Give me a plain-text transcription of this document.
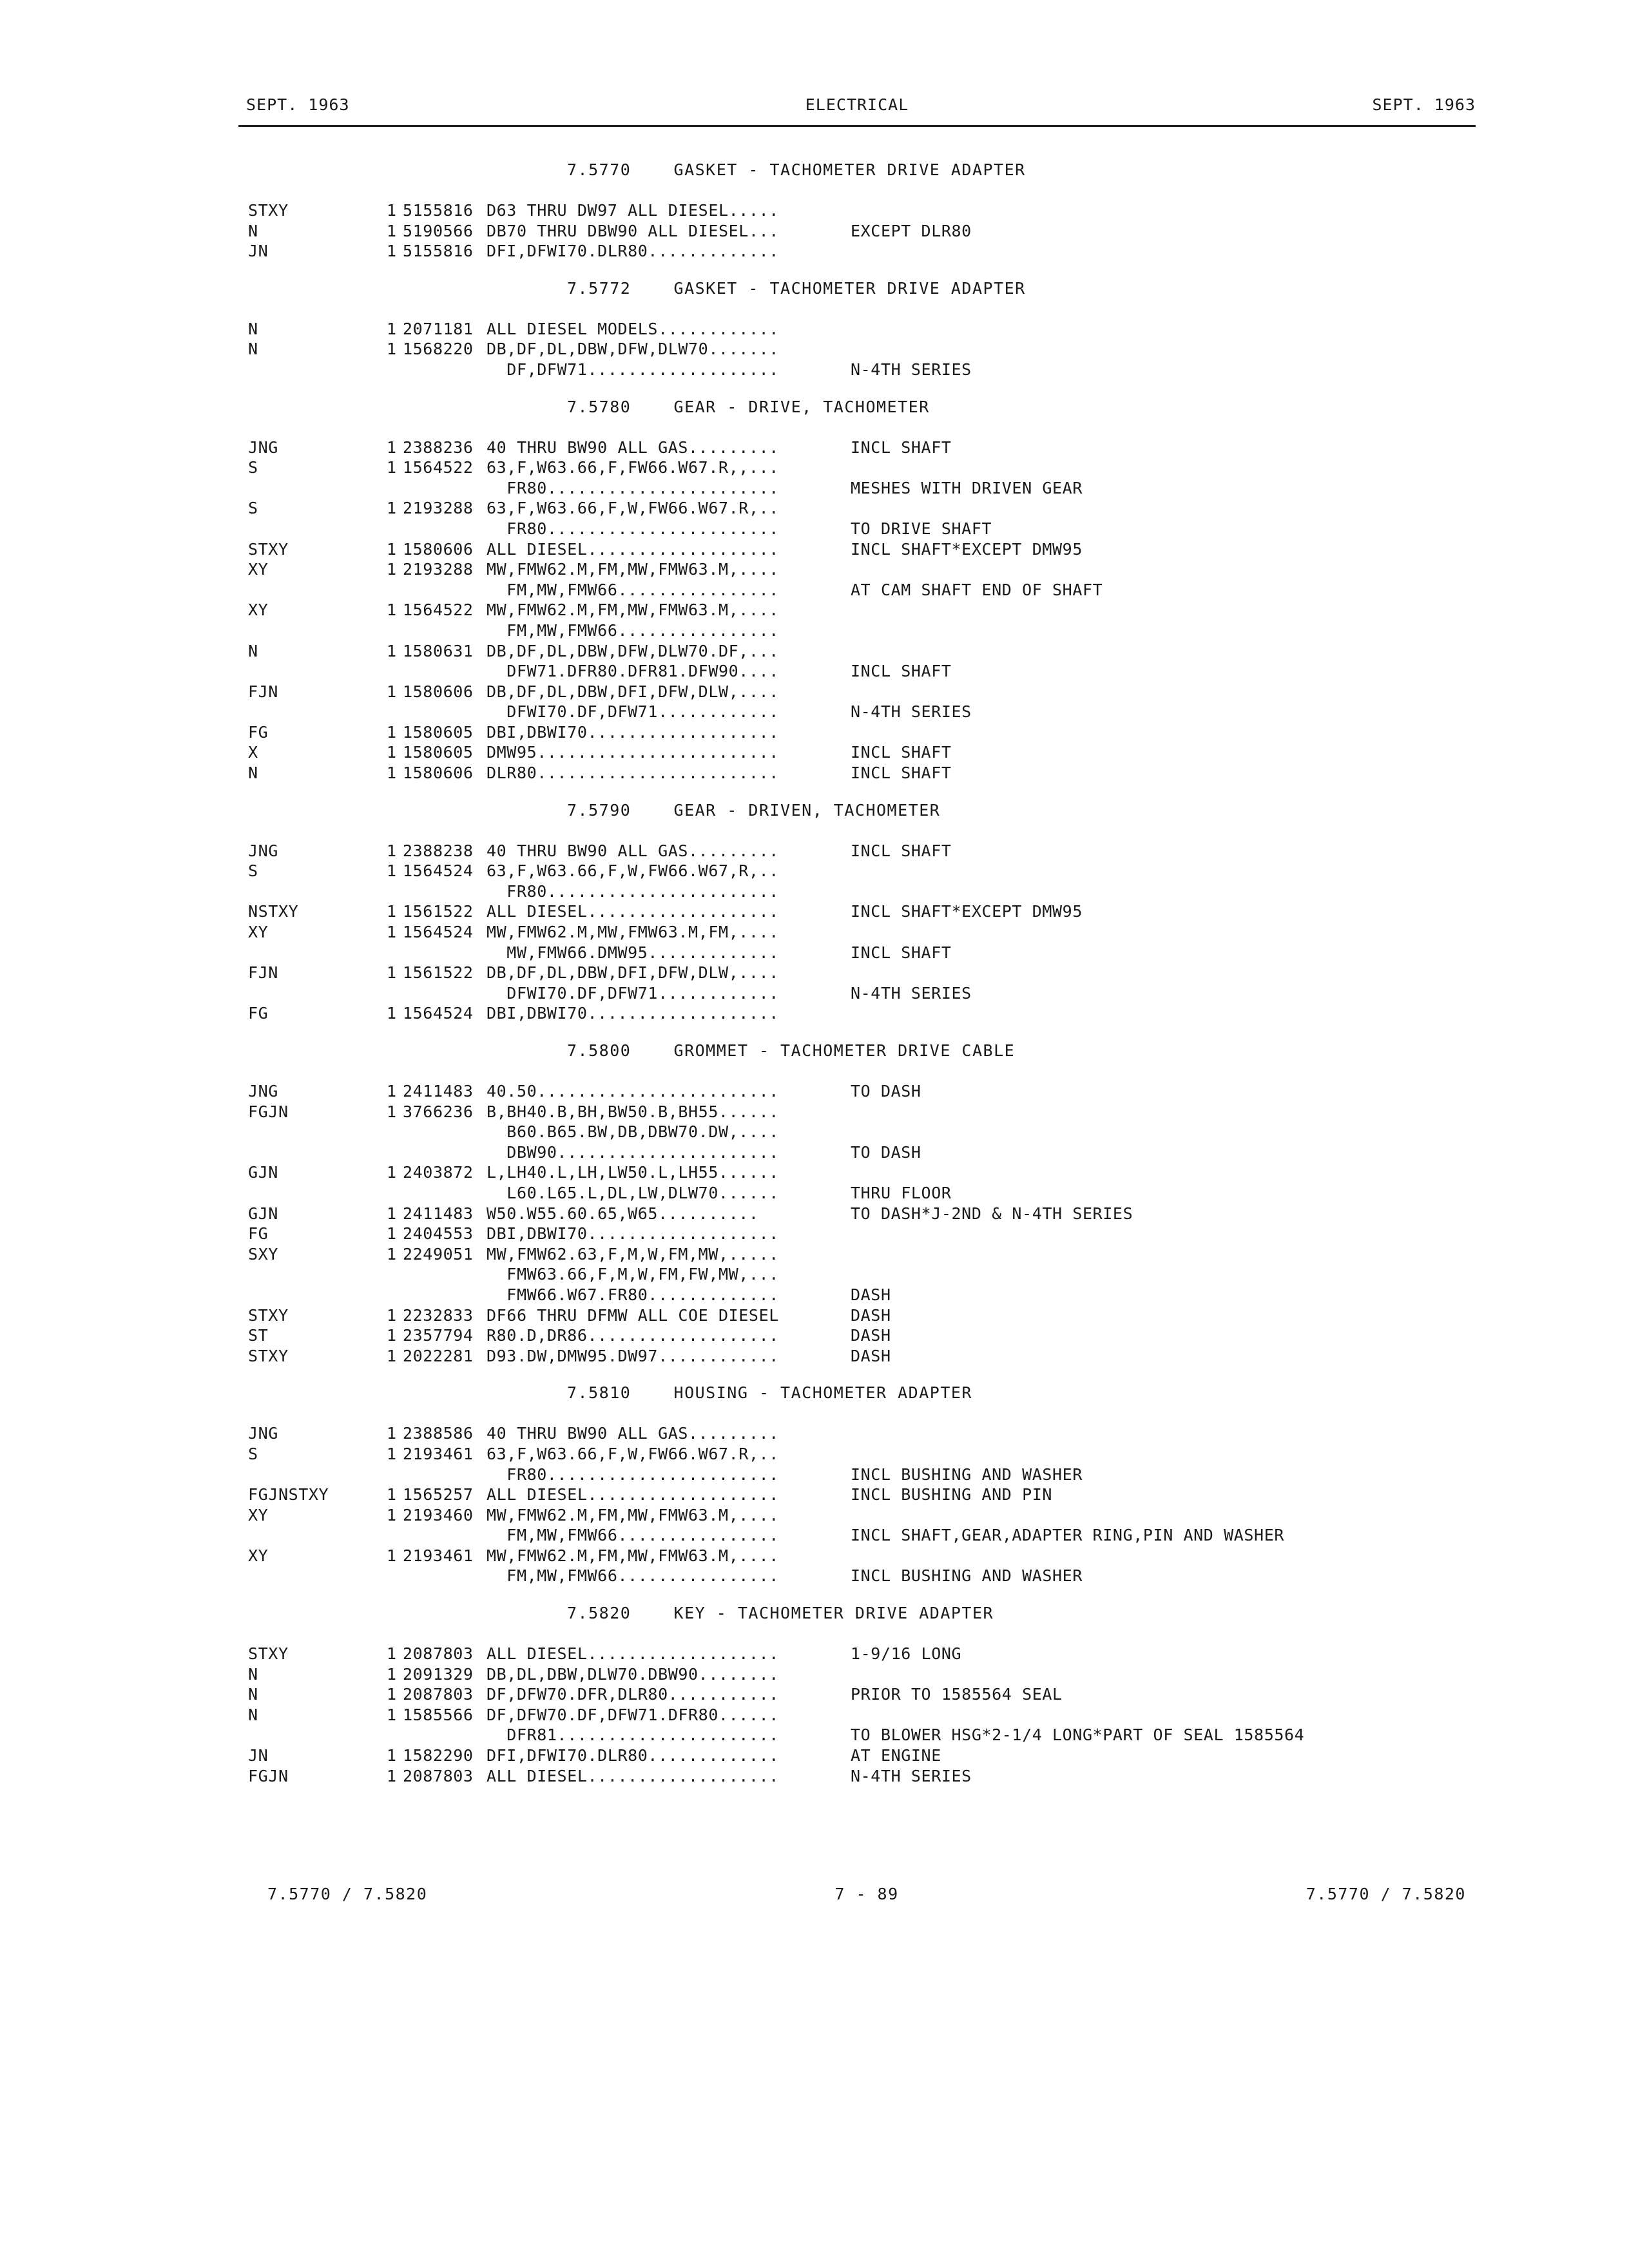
SEPT. 1963	ELECTRICAL	SEPT. 1963
7.5770	GASKET - TACHOMETER DRIVE ADAPTER
STXY	1 5155816 D63 THRU DW97 ALL DIESEL.....
N	1 5190566 DB70 THRU DBW90 ALL DIESEL...	EXCEPT DLR80
JN	1 5155816 DFI,DFWI70.DLR80.............
7.5772	GASKET - TACHOMETER DRIVE ADAPTER
N	1 2071181 ALL DIESEL MODELS............
N	1 1568220 DB,DF,DL,DBW,DFW,DLW70.......
DF,DFW71...................	N-4TH SERIES
7.5780	GEAR - DRIVE, TACHOMETER
JNG	1 2388236 40 THRU BW90 ALL GAS.........	INCL SHAFT
S	1 1564522 63,F,W63.66,F,FW66.W67.R,,...
FR80.......................	MESHES WITH DRIVEN GEAR
S	1 2193288 63,F,W63.66,F,W,FW66.W67.R,..
FR80.......................	TO DRIVE SHAFT
STXY	1 1580606 ALL DIESEL...................	INCL SHAFT*EXCEPT DMW95
XY	1 2193288 MW,FMW62.M,FM,MW,FMW63.M,....
FM,MW,FMW66................	AT CAM SHAFT END OF SHAFT
XY	1 1564522 MW,FMW62.M,FM,MW,FMW63.M,....
FM,MW,FMW66................
N	1 1580631 DB,DF,DL,DBW,DFW,DLW70.DF,...
DFW71.DFR80.DFR81.DFW90....	INCL SHAFT
FJN	1 1580606 DB,DF,DL,DBW,DFI,DFW,DLW,....
DFWI70.DF,DFW71............	N-4TH SERIES
FG	1 1580605 DBI,DBWI70...................
X	1 1580605 DMW95........................	INCL SHAFT
N	1 1580606 DLR80........................	INCL SHAFT
7.5790	GEAR - DRIVEN, TACHOMETER
JNG	1 2388238 40 THRU BW90 ALL GAS.........	INCL SHAFT
S	1 1564524 63,F,W63.66,F,W,FW66.W67,R,..
FR80.......................
NSTXY	1 1561522 ALL DIESEL...................	INCL SHAFT*EXCEPT DMW95
XY	1 1564524 MW,FMW62.M,MW,FMW63.M,FM,....
MW,FMW66.DMW95.............	INCL SHAFT
FJN	1 1561522 DB,DF,DL,DBW,DFI,DFW,DLW,....
DFWI70.DF,DFW71............	N-4TH SERIES
FG	1 1564524 DBI,DBWI70...................
7.5800	GROMMET - TACHOMETER DRIVE CABLE
JNG	1 2411483 40.50........................	TO DASH
FGJN	1 3766236 B,BH40.B,BH,BW50.B,BH55......
B60.B65.BW,DB,DBW70.DW,....
DBW90......................	TO DASH
GJN	1 2403872 L,LH40.L,LH,LW50.L,LH55......
L60.L65.L,DL,LW,DLW70......	THRU FLOOR
GJN	1 2411483 W50.W55.60.65,W65..........	TO DASH*J-2ND & N-4TH SERIES
FG	1 2404553 DBI,DBWI70...................
SXY	1 2249051 MW,FMW62.63,F,M,W,FM,MW,.....
FMW63.66,F,M,W,FM,FW,MW,...
FMW66.W67.FR80.............	DASH
STXY	1 2232833 DF66 THRU DFMW ALL COE DIESEL	DASH
ST	1 2357794 R80.D,DR86...................	DASH
STXY	1 2022281 D93.DW,DMW95.DW97............	DASH
7.5810	HOUSING - TACHOMETER ADAPTER
JNG	1 2388586 40 THRU BW90 ALL GAS.........
S	1 2193461 63,F,W63.66,F,W,FW66.W67.R,..
FR80.......................	INCL BUSHING AND WASHER
FGJNSTXY	1 1565257 ALL DIESEL...................	INCL BUSHING AND PIN
XY	1 2193460 MW,FMW62.M,FM,MW,FMW63.M,....
FM,MW,FMW66................	INCL SHAFT,GEAR,ADAPTER RING,PIN AND WASHER
XY	1 2193461 MW,FMW62.M,FM,MW,FMW63.M,....
FM,MW,FMW66................	INCL BUSHING AND WASHER
7.5820	KEY - TACHOMETER DRIVE ADAPTER
STXY	1 2087803 ALL DIESEL...................	1-9/16 LONG
N	1 2091329 DB,DL,DBW,DLW70.DBW90........
N	1 2087803 DF,DFW70.DFR,DLR80...........	PRIOR TO 1585564 SEAL
N	1 1585566 DF,DFW70.DF,DFW71.DFR80......
DFR81......................	TO BLOWER HSG*2-1/4 LONG*PART OF SEAL 1585564
JN	1 1582290 DFI,DFWI70.DLR80.............	AT ENGINE
FGJN	1 2087803 ALL DIESEL...................	N-4TH SERIES
7.5770 / 7.5820	7 - 89	7.5770 / 7.5820
